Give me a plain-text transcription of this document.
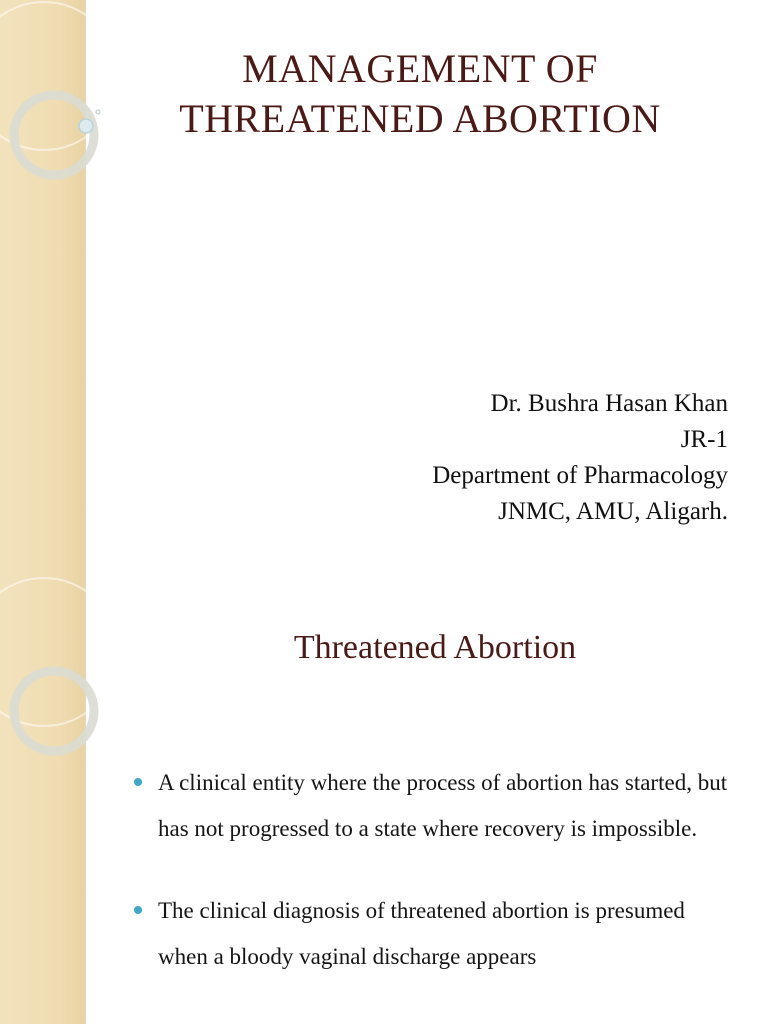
MANAGEMENT OF
THREATENED ABORTION
Dr. Bushra Hasan Khan
JR-1
Department of Pharmacology
JNMC, AMU, Aligarh.
Threatened Abortion
A clinical entity where the process of abortion has started, but has not progressed to a state where recovery is impossible.
The clinical diagnosis of threatened abortion is presumed when a bloody vaginal discharge appears
